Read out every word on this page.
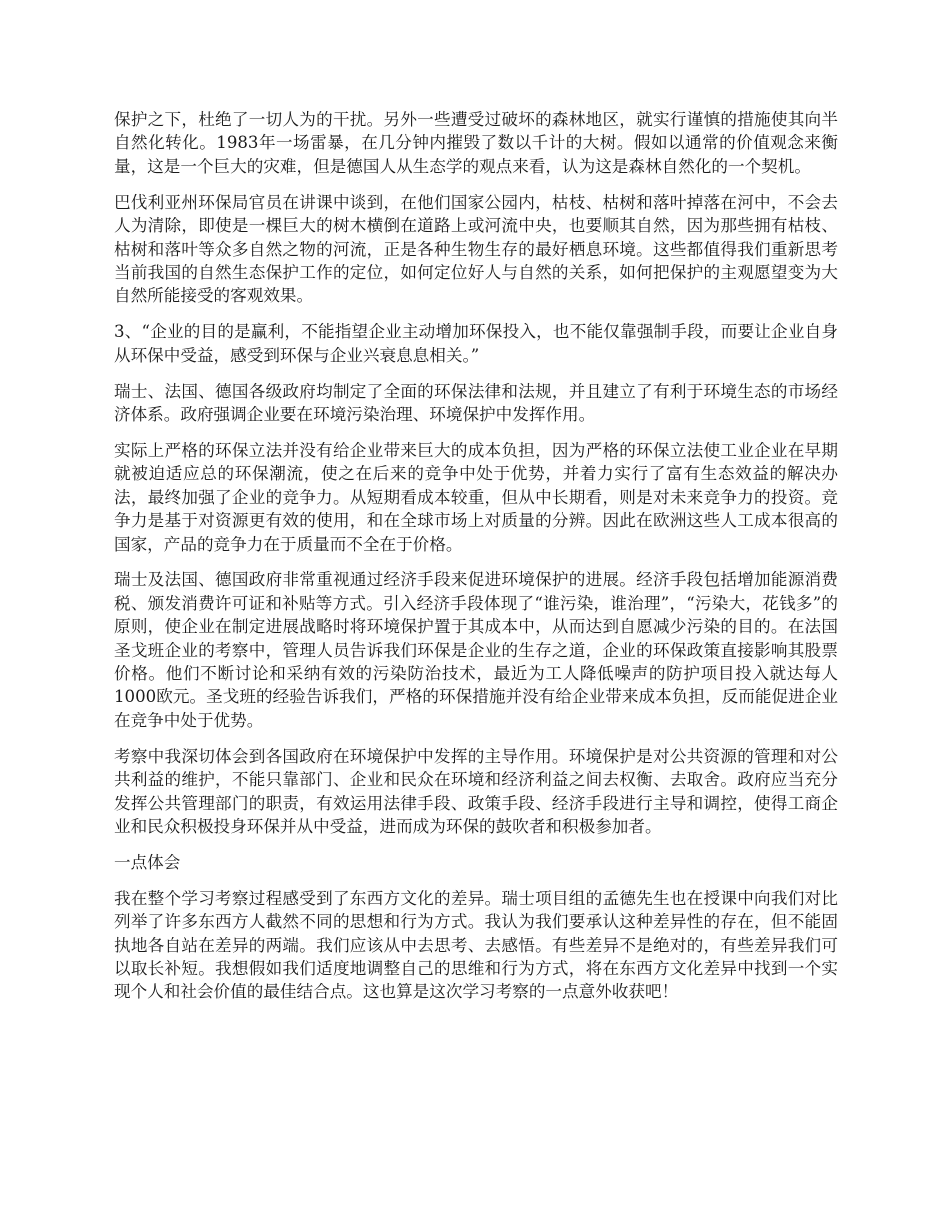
保护之下，杜绝了一切人为的干扰。另外一些遭受过破坏的森林地区，就实行谨慎的措施使其向半自然化转化。1983年一场雷暴，在几分钟内摧毁了数以千计的大树。假如以通常的价值观念来衡量，这是一个巨大的灾难，但是德国人从生态学的观点来看，认为这是森林自然化的一个契机。

巴伐利亚州环保局官员在讲课中谈到，在他们国家公园内，枯枝、枯树和落叶掉落在河中，不会去人为清除，即使是一棵巨大的树木横倒在道路上或河流中央，也要顺其自然，因为那些拥有枯枝、枯树和落叶等众多自然之物的河流，正是各种生物生存的最好栖息环境。这些都值得我们重新思考当前我国的自然生态保护工作的定位，如何定位好人与自然的关系，如何把保护的主观愿望变为大自然所能接受的客观效果。

3、“企业的目的是赢利，不能指望企业主动增加环保投入，也不能仅靠强制手段，而要让企业自身从环保中受益，感受到环保与企业兴衰息息相关。”

瑞士、法国、德国各级政府均制定了全面的环保法律和法规，并且建立了有利于环境生态的市场经济体系。政府强调企业要在环境污染治理、环境保护中发挥作用。

实际上严格的环保立法并没有给企业带来巨大的成本负担，因为严格的环保立法使工业企业在早期就被迫适应总的环保潮流，使之在后来的竞争中处于优势，并着力实行了富有生态效益的解决办法，最终加强了企业的竞争力。从短期看成本较重，但从中长期看，则是对未来竞争力的投资。竞争力是基于对资源更有效的使用，和在全球市场上对质量的分辨。因此在欧洲这些人工成本很高的国家，产品的竞争力在于质量而不全在于价格。

瑞士及法国、德国政府非常重视通过经济手段来促进环境保护的进展。经济手段包括增加能源消费税、颁发消费许可证和补贴等方式。引入经济手段体现了“谁污染，谁治理”，“污染大，花钱多”的原则，使企业在制定进展战略时将环境保护置于其成本中，从而达到自愿减少污染的目的。在法国圣戈班企业的考察中，管理人员告诉我们环保是企业的生存之道，企业的环保政策直接影响其股票价格。他们不断讨论和采纳有效的污染防治技术，最近为工人降低噪声的防护项目投入就达每人1000欧元。圣戈班的经验告诉我们，严格的环保措施并没有给企业带来成本负担，反而能促进企业在竞争中处于优势。

考察中我深切体会到各国政府在环境保护中发挥的主导作用。环境保护是对公共资源的管理和对公共利益的维护，不能只靠部门、企业和民众在环境和经济利益之间去权衡、去取舍。政府应当充分发挥公共管理部门的职责，有效运用法律手段、政策手段、经济手段进行主导和调控，使得工商企业和民众积极投身环保并从中受益，进而成为环保的鼓吹者和积极参加者。

一点体会

我在整个学习考察过程感受到了东西方文化的差异。瑞士项目组的孟德先生也在授课中向我们对比列举了许多东西方人截然不同的思想和行为方式。我认为我们要承认这种差异性的存在，但不能固执地各自站在差异的两端。我们应该从中去思考、去感悟。有些差异不是绝对的，有些差异我们可以取长补短。我想假如我们适度地调整自己的思维和行为方式，将在东西方文化差异中找到一个实现个人和社会价值的最佳结合点。这也算是这次学习考察的一点意外收获吧！
